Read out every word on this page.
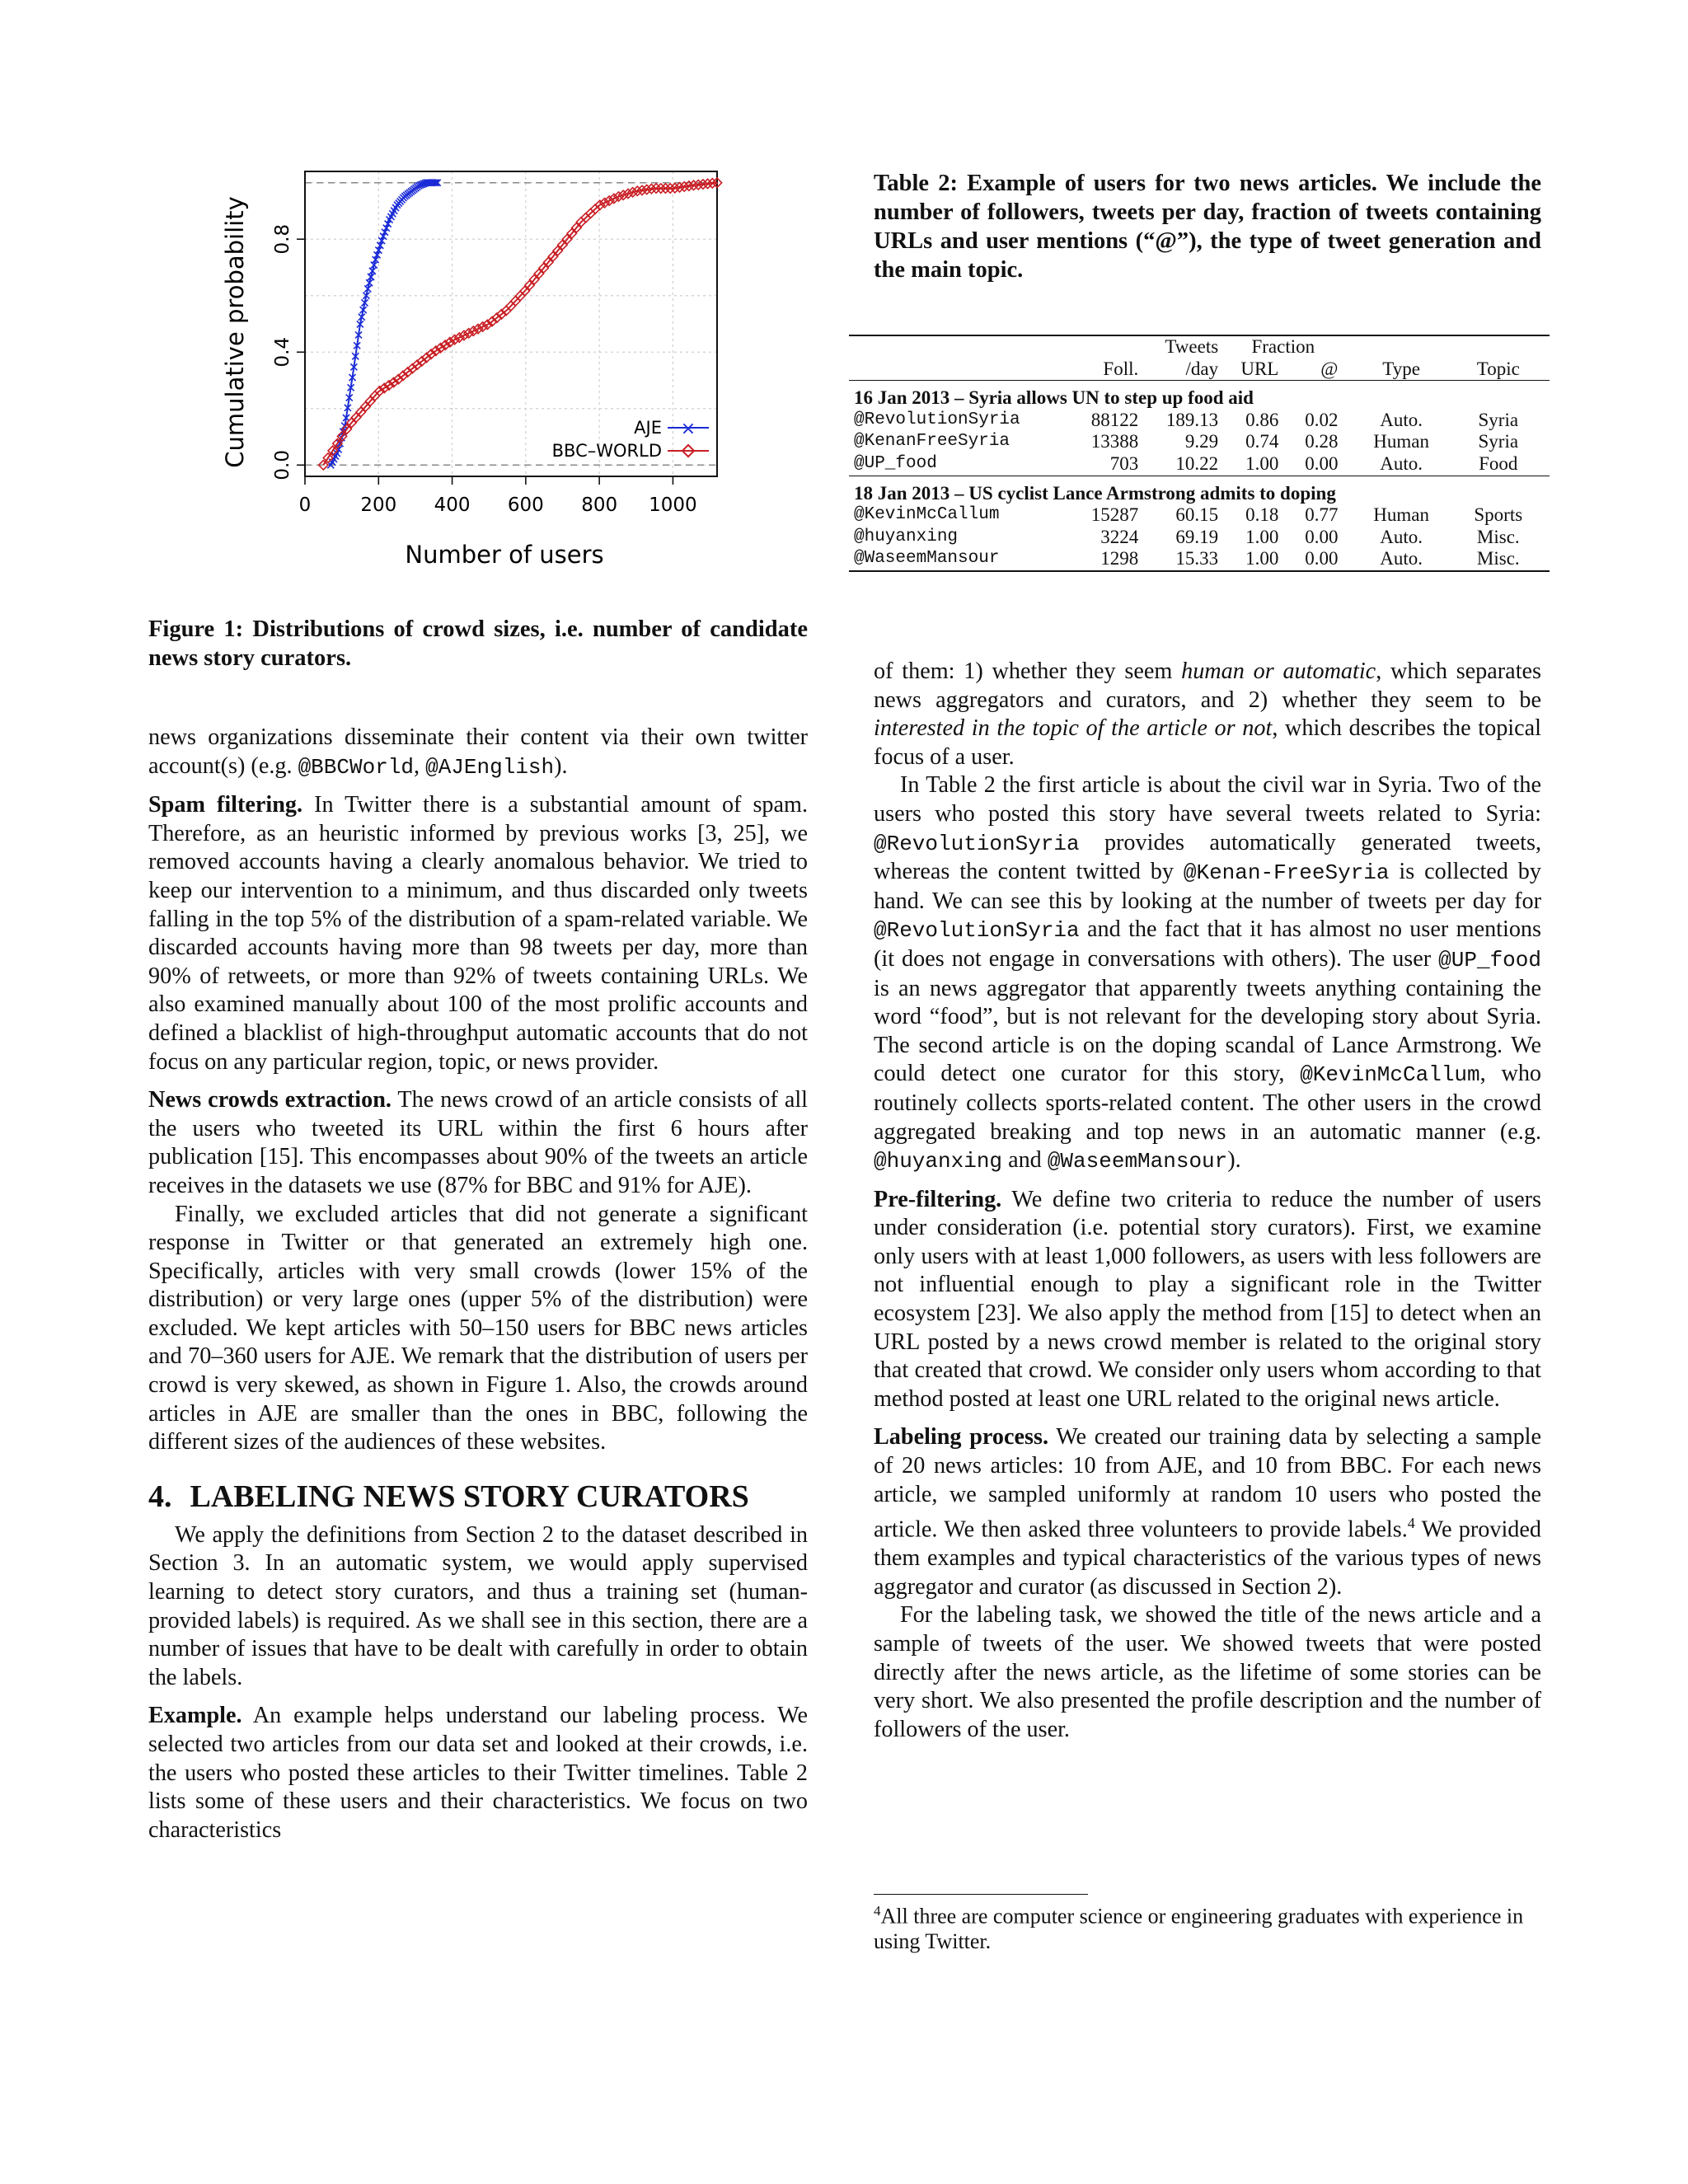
0	200 400 600 800 1000
0.0
0.4
0.8
Number of users
Cumulative probability	AJE ×
BBC–WORLD
Figure 1: Distributions of crowd sizes, i.e. number of candidate news story curators.
Table 2: Example of users for two news articles. We include the number of followers, tweets per day, fraction of tweets containing URLs and user mentions (“@”), the type of tweet generation and the main topic.
		Tweets	Fraction				
	Foll.	/day	URL	@	Type	Topic	
16 Jan 2013 – Syria allows UN to step up food aid							
@RevolutionSyria	88122	189.13	0.86	0.02	Auto.	Syria	
@KenanFreeSyria	13388	9.29	0.74	0.28	Human	Syria	
@UP_food	703	10.22	1.00	0.00	Auto.	Food	
18 Jan 2013 – US cyclist Lance Armstrong admits to doping							
@KevinMcCallum	15287	60.15	0.18	0.77	Human	Sports	
@huyanxing	3224	69.19	1.00	0.00	Auto.	Misc.	
@WaseemMansour	1298	15.33	1.00	0.00	Auto.	Misc.	

news organizations disseminate their content via their own twitter account(s) (e.g. @BBCWorld, @AJEnglish).

Spam filtering. In Twitter there is a substantial amount of spam. Therefore, as an heuristic informed by previous works [3, 25], we removed accounts having a clearly anomalous behavior. We tried to keep our intervention to a minimum, and thus discarded only tweets falling in the top 5% of the distribution of a spam-related variable. We discarded accounts having more than 98 tweets per day, more than 90% of retweets, or more than 92% of tweets containing URLs. We also examined manually about 100 of the most prolific accounts and defined a blacklist of high-throughput automatic accounts that do not focus on any particular region, topic, or news provider.

News crowds extraction. The news crowd of an article consists of all the users who tweeted its URL within the first 6 hours after publication [15]. This encompasses about 90% of the tweets an article receives in the datasets we use (87% for BBC and 91% for AJE).

Finally, we excluded articles that did not generate a significant response in Twitter or that generated an extremely high one. Specifically, articles with very small crowds (lower 15% of the distribution) or very large ones (upper 5% of the distribution) were excluded. We kept articles with 50–150 users for BBC news articles and 70–360 users for AJE. We remark that the distribution of users per crowd is very skewed, as shown in Figure 1. Also, the crowds around articles in AJE are smaller than the ones in BBC, following the different sizes of the audiences of these websites.

4. LABELING NEWS STORY CURATORS

We apply the definitions from Section 2 to the dataset described in Section 3. In an automatic system, we would apply supervised learning to detect story curators, and thus a training set (human-provided labels) is required. As we shall see in this section, there are a number of issues that have to be dealt with carefully in order to obtain the labels.

Example. An example helps understand our labeling process. We selected two articles from our data set and looked at their crowds, i.e. the users who posted these articles to their Twitter timelines. Table 2 lists some of these users and their characteristics. We focus on two characteristics

of them: 1) whether they seem human or automatic, which separates news aggregators and curators, and 2) whether they seem to be interested in the topic of the article or not, which describes the topical focus of a user.

In Table 2 the first article is about the civil war in Syria. Two of the users who posted this story have several tweets related to Syria: @RevolutionSyria provides automatically generated tweets, whereas the content twitted by @Kenan-FreeSyria is collected by hand. We can see this by looking at the number of tweets per day for @RevolutionSyria and the fact that it has almost no user mentions (it does not engage in conversations with others). The user @UP_food is an news aggregator that apparently tweets anything containing the word “food”, but is not relevant for the developing story about Syria. The second article is on the doping scandal of Lance Armstrong. We could detect one curator for this story, @KevinMcCallum, who routinely collects sports-related content. The other users in the crowd aggregated breaking and top news in an automatic manner (e.g. @huyanxing and @WaseemMansour).

Pre-filtering. We define two criteria to reduce the number of users under consideration (i.e. potential story curators). First, we examine only users with at least 1,000 followers, as users with less followers are not influential enough to play a significant role in the Twitter ecosystem [23]. We also apply the method from [15] to detect when an URL posted by a news crowd member is related to the original story that created that crowd. We consider only users whom according to that method posted at least one URL related to the original news article.

Labeling process. We created our training data by selecting a sample of 20 news articles: 10 from AJE, and 10 from BBC. For each news article, we sampled uniformly at random 10 users who posted the article. We then asked three volunteers to provide labels.$^4$ We provided them examples and typical characteristics of the various types of news aggregator and curator (as discussed in Section 2).

For the labeling task, we showed the title of the news article and a sample of tweets of the user. We showed tweets that were posted directly after the news article, as the lifetime of some stories can be very short. We also presented the profile description and the number of followers of the user.

$^4$All three are computer science or engineering graduates with experience in using Twitter.
